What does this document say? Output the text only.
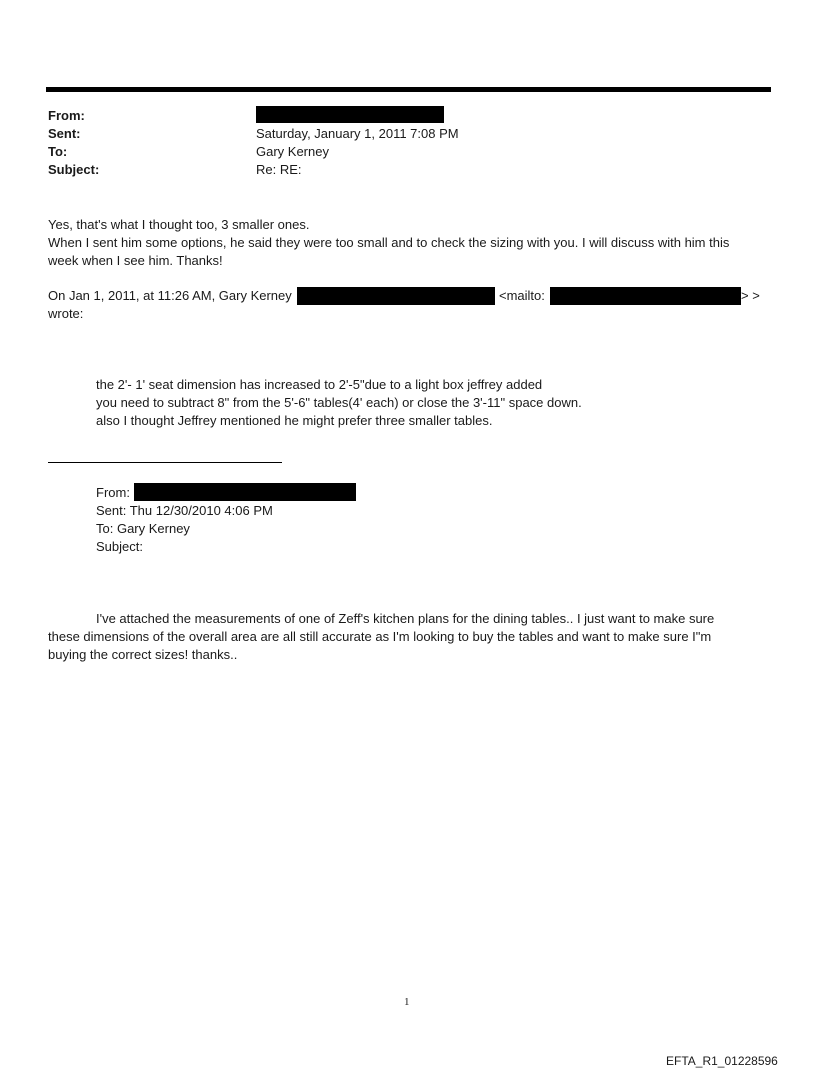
From:
Sent:	Saturday, January 1, 2011 7:08 PM
To:	Gary Kerney
Subject:	Re: RE:
Yes, that's what I thought too, 3 smaller ones.
When I sent him some options, he said they were too small and to check the sizing with you. I will discuss with him this
week when I see him. Thanks!
On Jan 1, 2011, at 11:26 AM, Gary Kerney	<mailto:	> >
wrote:
the 2'- 1' seat dimension has increased to 2'-5"due to a light box jeffrey added
you need to subtract 8" from the 5'-6" tables(4' each) or close the 3'-11" space down.
also I thought Jeffrey mentioned he might prefer three smaller tables.
From:
Sent: Thu 12/30/2010 4:06 PM
To: Gary Kerney
Subject:
I've attached the measurements of one of Zeff's kitchen plans for the dining tables.. I just want to make sure
these dimensions of the overall area are all still accurate as I'm looking to buy the tables and want to make sure I"m
buying the correct sizes! thanks..
1
EFTA_R1_01228596
